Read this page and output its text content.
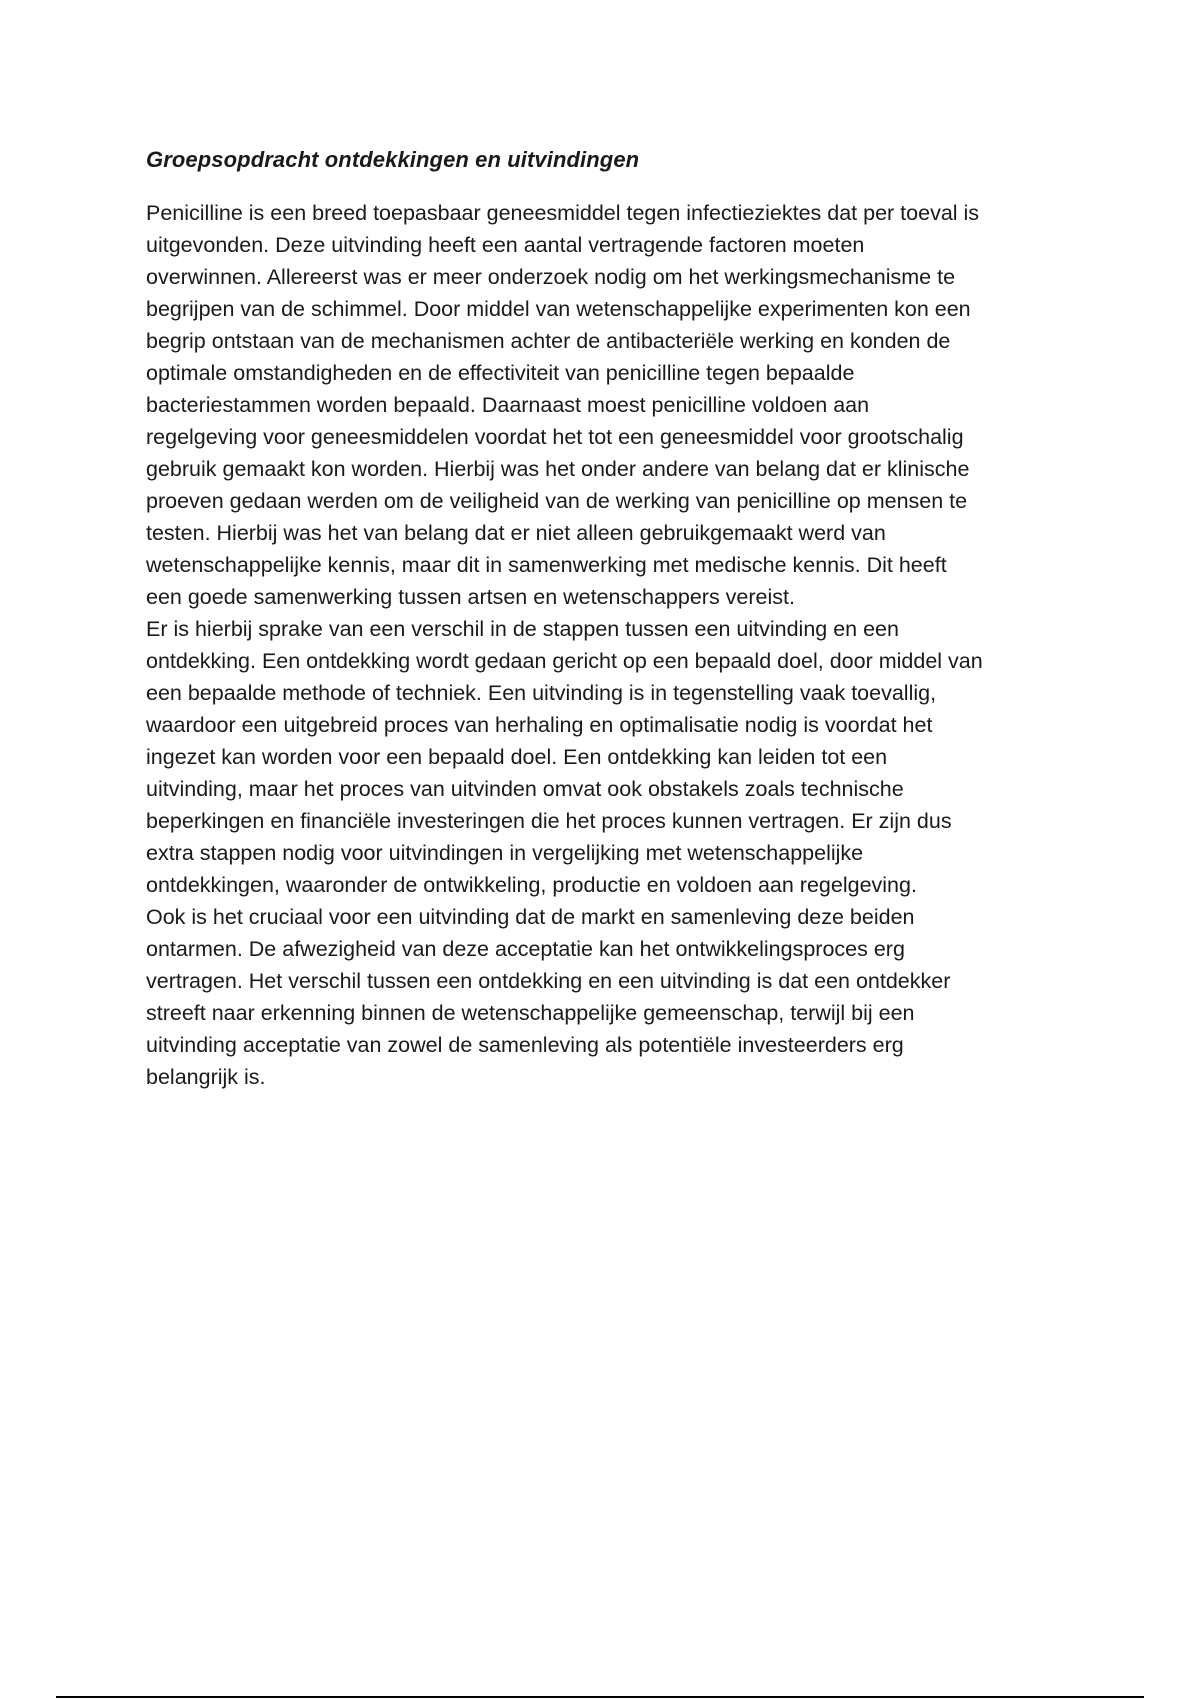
Groepsopdracht ontdekkingen en uitvindingen
Penicilline is een breed toepasbaar geneesmiddel tegen infectieziektes dat per toeval is
uitgevonden. Deze uitvinding heeft een aantal vertragende factoren moeten
overwinnen. Allereerst was er meer onderzoek nodig om het werkingsmechanisme te
begrijpen van de schimmel. Door middel van wetenschappelijke experimenten kon een
begrip ontstaan van de mechanismen achter de antibacteriële werking en konden de
optimale omstandigheden en de effectiviteit van penicilline tegen bepaalde
bacteriestammen worden bepaald. Daarnaast moest penicilline voldoen aan
regelgeving voor geneesmiddelen voordat het tot een geneesmiddel voor grootschalig
gebruik gemaakt kon worden. Hierbij was het onder andere van belang dat er klinische
proeven gedaan werden om de veiligheid van de werking van penicilline op mensen te
testen. Hierbij was het van belang dat er niet alleen gebruikgemaakt werd van
wetenschappelijke kennis, maar dit in samenwerking met medische kennis. Dit heeft
een goede samenwerking tussen artsen en wetenschappers vereist.
Er is hierbij sprake van een verschil in de stappen tussen een uitvinding en een
ontdekking. Een ontdekking wordt gedaan gericht op een bepaald doel, door middel van
een bepaalde methode of techniek. Een uitvinding is in tegenstelling vaak toevallig,
waardoor een uitgebreid proces van herhaling en optimalisatie nodig is voordat het
ingezet kan worden voor een bepaald doel. Een ontdekking kan leiden tot een
uitvinding, maar het proces van uitvinden omvat ook obstakels zoals technische
beperkingen en financiële investeringen die het proces kunnen vertragen. Er zijn dus
extra stappen nodig voor uitvindingen in vergelijking met wetenschappelijke
ontdekkingen, waaronder de ontwikkeling, productie en voldoen aan regelgeving.
Ook is het cruciaal voor een uitvinding dat de markt en samenleving deze beiden
ontarmen. De afwezigheid van deze acceptatie kan het ontwikkelingsproces erg
vertragen. Het verschil tussen een ontdekking en een uitvinding is dat een ontdekker
streeft naar erkenning binnen de wetenschappelijke gemeenschap, terwijl bij een
uitvinding acceptatie van zowel de samenleving als potentiële investeerders erg
belangrijk is.
